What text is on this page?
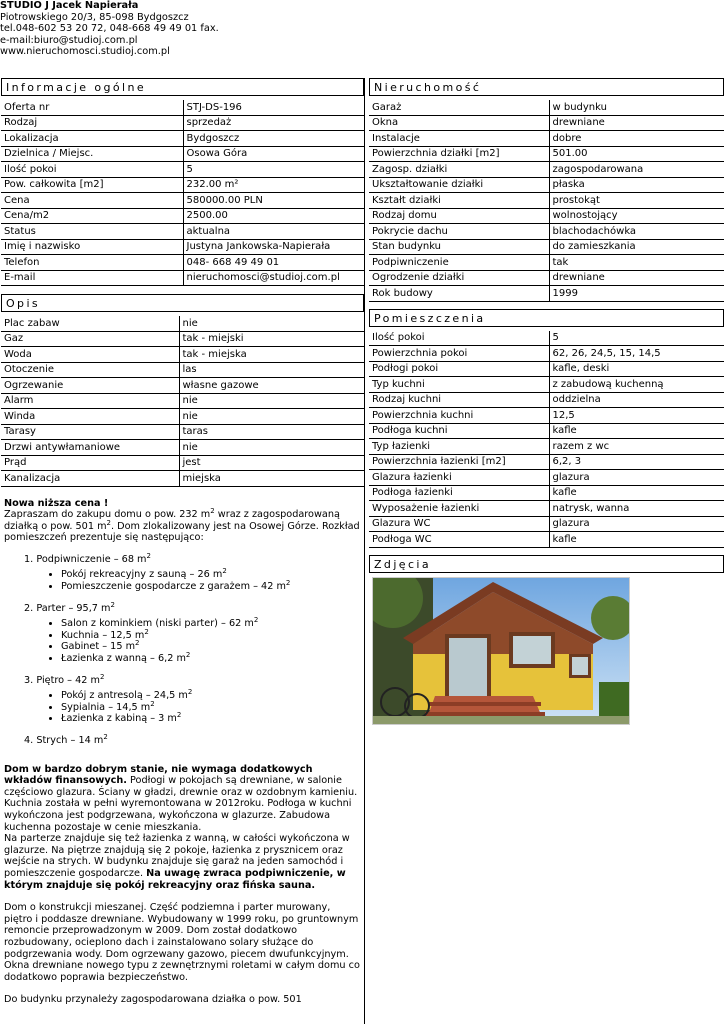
STUDIO J Jacek Napierała
Piotrowskiego 20/3, 85-098 Bydgoszcz
tel.048-602 53 20 72, 048-668 49 49 01 fax.
e-mail:biuro@studioj.com.pl
www.nieruchomosci.studioj.com.pl
Informacje ogólne
Oferta nr	STJ-DS-196
Rodzaj	sprzedaż
Lokalizacja	Bydgoszcz
Dzielnica / Miejsc.	Osowa Góra
Ilość pokoi	5
Pow. całkowita [m2]	232.00 m²
Cena	580000.00 PLN
Cena/m2	2500.00
Status	aktualna
Imię i nazwisko	Justyna Jankowska-Napierała
Telefon	048- 668 49 49 01
E-mail	nieruchomosci@studioj.com.pl
Opis
Plac zabaw	nie
Gaz	tak - miejski
Woda	tak - miejska
Otoczenie	las
Ogrzewanie	własne gazowe
Alarm	nie
Winda	nie
Tarasy	taras
Drzwi antywłamaniowe	nie
Prąd	jest
Kanalizacja	miejska

Nowa niższa cena !

Zapraszam do zakupu domu o pow. 232 $m^2$ wraz z zagospodarowaną działką o pow. 501 $m^2$. Dom zlokalizowany jest na Osowej Górze. Rozkład pomieszczeń prezentuje się następująco:

1. Podpiwniczenie – 68 $m^2$
• Pokój rekreacyjny z sauną – 26 $m^2$
• Pomieszczenie gospodarcze z garażem – 42 $m^2$
2. Parter – 95,7 $m^2$
• Salon z kominkiem (niski parter) – 62 $m^2$
• Kuchnia – 12,5 $m^2$
• Gabinet – 15 $m^2$
• Łazienka z wanną – 6,2 $m^2$
3. Piętro – 42 $m^2$
• Pokój z antresolą – 24,5 $m^2$
• Sypialnia – 14,5 $m^2$
• Łazienka z kabiną – 3 $m^2$
4. Strych – 14 $m^2$

Dom w bardzo dobrym stanie, nie wymaga dodatkowych wkładów finansowych. Podłogi w pokojach są drewniane, w salonie częściowo glazura. Ściany w gładzi, drewnie oraz w ozdobnym kamieniu. Kuchnia została w pełni wyremontowana w 2012roku. Podłoga w kuchni wykończona jest podgrzewana, wykończona w glazurze. Zabudowa kuchenna pozostaje w cenie mieszkania.

Na parterze znajduje się też łazienka z wanną, w całości wykończona w glazurze. Na piętrze znajdują się 2 pokoje, łazienka z prysznicem oraz wejście na strych. W budynku znajduje się garaż na jeden samochód i pomieszczenie gospodarcze. Na uwagę zwraca podpiwniczenie, w którym znajduje się pokój rekreacyjny oraz fińska sauna.

Dom o konstrukcji mieszanej. Część podziemna i parter murowany, piętro i poddasze drewniane. Wybudowany w 1999 roku, po gruntownym remoncie przeprowadzonym w 2009. Dom został dodatkowo rozbudowany, ocieplono dach i zainstalowano solary służące do podgrzewania wody. Dom ogrzewany gazowo, piecem dwufunkcyjnym. Okna drewniane nowego typu z zewnętrznymi roletami w całym domu co dodatkowo poprawia bezpieczeństwo.

Do budynku przynależy zagospodarowana działka o pow. 501

Nieruchomość
Garaż	w budynku
Okna	drewniane
Instalacje	dobre
Powierzchnia działki [m2]	501.00
Zagosp. działki	zagospodarowana
Ukształtowanie działki	płaska
Kształt działki	prostokąt
Rodzaj domu	wolnostojący
Pokrycie dachu	blachodachówka
Stan budynku	do zamieszkania
Podpiwniczenie	tak
Ogrodzenie działki	drewniane
Rok budowy	1999
Pomieszczenia
Ilość pokoi	5
Powierzchnia pokoi	62, 26, 24,5, 15, 14,5
Podłogi pokoi	kafle, deski
Typ kuchni	z zabudową kuchenną
Rodzaj kuchni	oddzielna
Powierzchnia kuchni	12,5
Podłoga kuchni	kafle
Typ łazienki	razem z wc
Powierzchnia łazienki [m2]	6,2, 3
Glazura łazienki	glazura
Podłoga łazienki	kafle
Wyposażenie łazienki	natrysk, wanna
Glazura WC	glazura
Podłoga WC	kafle
Zdjęcia
